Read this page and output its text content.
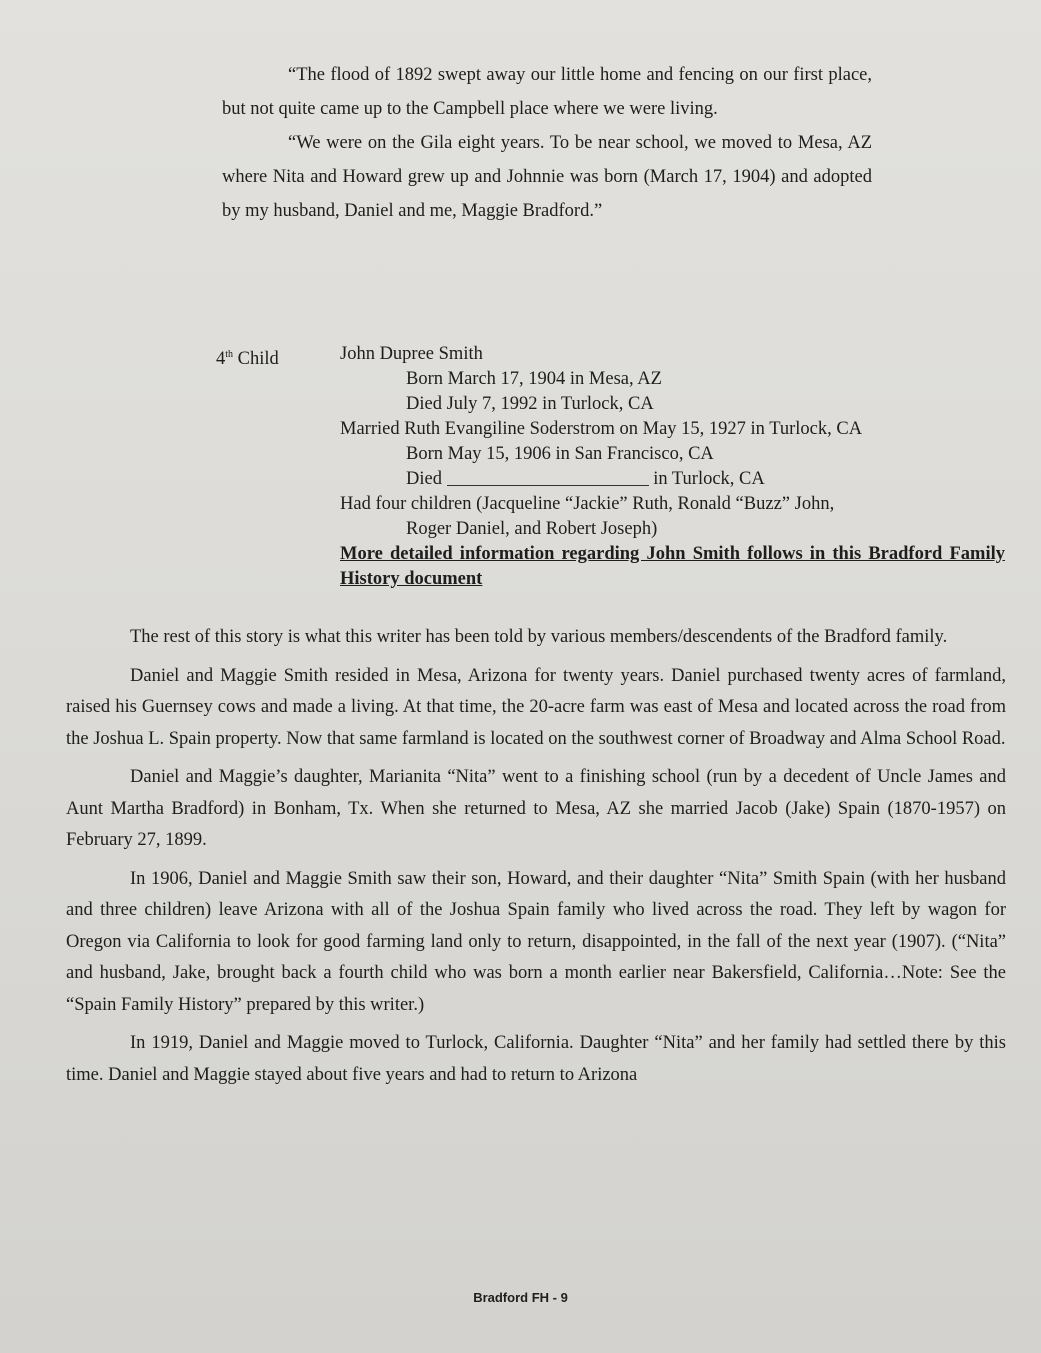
“The flood of 1892 swept away our little home and fencing on our first place, but not quite came up to the Campbell place where we were living.

“We were on the Gila eight years. To be near school, we moved to Mesa, AZ where Nita and Howard grew up and Johnnie was born (March 17, 1904) and adopted by my husband, Daniel and me, Maggie Bradford.”

4th Child	John Dupree Smith
Born March 17, 1904 in Mesa, AZ
Died July 7, 1992 in Turlock, CA
Married Ruth Evangiline Soderstrom on May 15, 1927 in Turlock, CA
Born May 15, 1906 in San Francisco, CA
Died	in Turlock, CA
Had four children (Jacqueline “Jackie” Ruth, Ronald “Buzz” John,
Roger Daniel, and Robert Joseph)
More detailed information regarding John Smith follows in this Bradford Family History document

The rest of this story is what this writer has been told by various members/descendents of the Bradford family.

Daniel and Maggie Smith resided in Mesa, Arizona for twenty years. Daniel purchased twenty acres of farmland, raised his Guernsey cows and made a living. At that time, the 20-acre farm was east of Mesa and located across the road from the Joshua L. Spain property. Now that same farmland is located on the southwest corner of Broadway and Alma School Road.

Daniel and Maggie’s daughter, Marianita “Nita” went to a finishing school (run by a decedent of Uncle James and Aunt Martha Bradford) in Bonham, Tx. When she returned to Mesa, AZ she married Jacob (Jake) Spain (1870-1957) on February 27, 1899.

In 1906, Daniel and Maggie Smith saw their son, Howard, and their daughter “Nita” Smith Spain (with her husband and three children) leave Arizona with all of the Joshua Spain family who lived across the road. They left by wagon for Oregon via California to look for good farming land only to return, disappointed, in the fall of the next year (1907). (“Nita” and husband, Jake, brought back a fourth child who was born a month earlier near Bakersfield, California…Note: See the “Spain Family History” prepared by this writer.)

In 1919, Daniel and Maggie moved to Turlock, California. Daughter “Nita” and her family had settled there by this time. Daniel and Maggie stayed about five years and had to return to Arizona

Bradford FH - 9
